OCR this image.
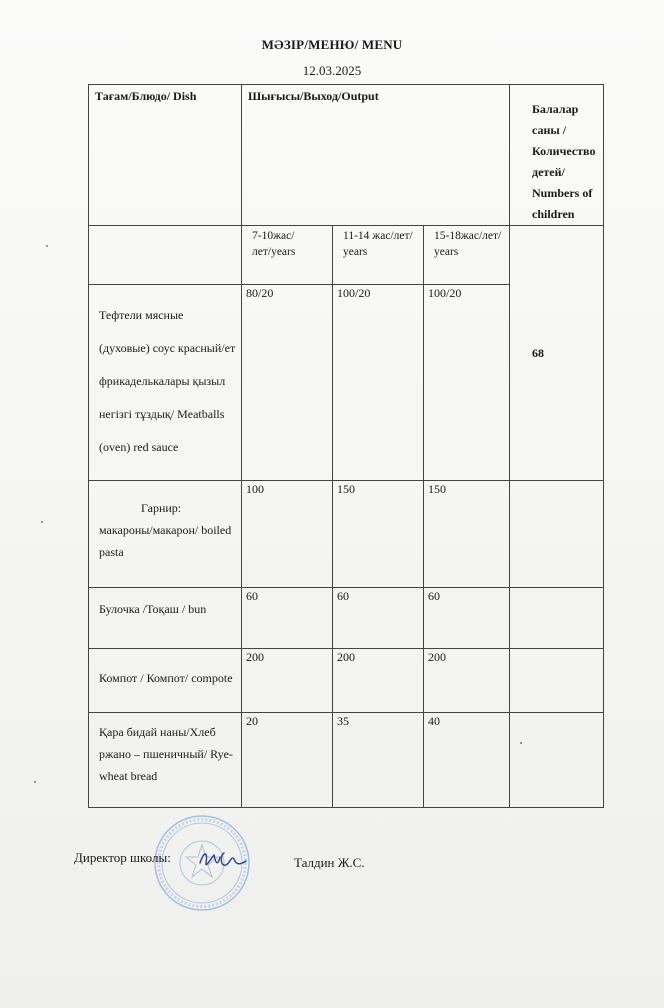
МӘЗІР/МЕНЮ/ MENU
12.03.2025
Тағам/Блюдо/ Dish	Шығысы/Выход/Output			Балалар саны /Количество детей/ Numbers of children
	7-10жас/лет/years	11-14 жас/лет/ years	15-18жас/лет/ years	68
Тефтели мясные (духовые) соус красный/ет фрикаделькалары қызыл негізгі тұздық/ Meatballs (oven) red sauce	80/20	100/20	100/20	

Гарнир:
макароны/макарон/ boiled pasta	100	150	150	
Булочка /Тоқаш / bun	60	60	60	
Компот / Компот/ compote	200	200	200	
Қара бидай наны/Хлеб ржано – пшеничный/ Rye-wheat bread	20	35	40	
Директор школы:	Талдин Ж.С.
